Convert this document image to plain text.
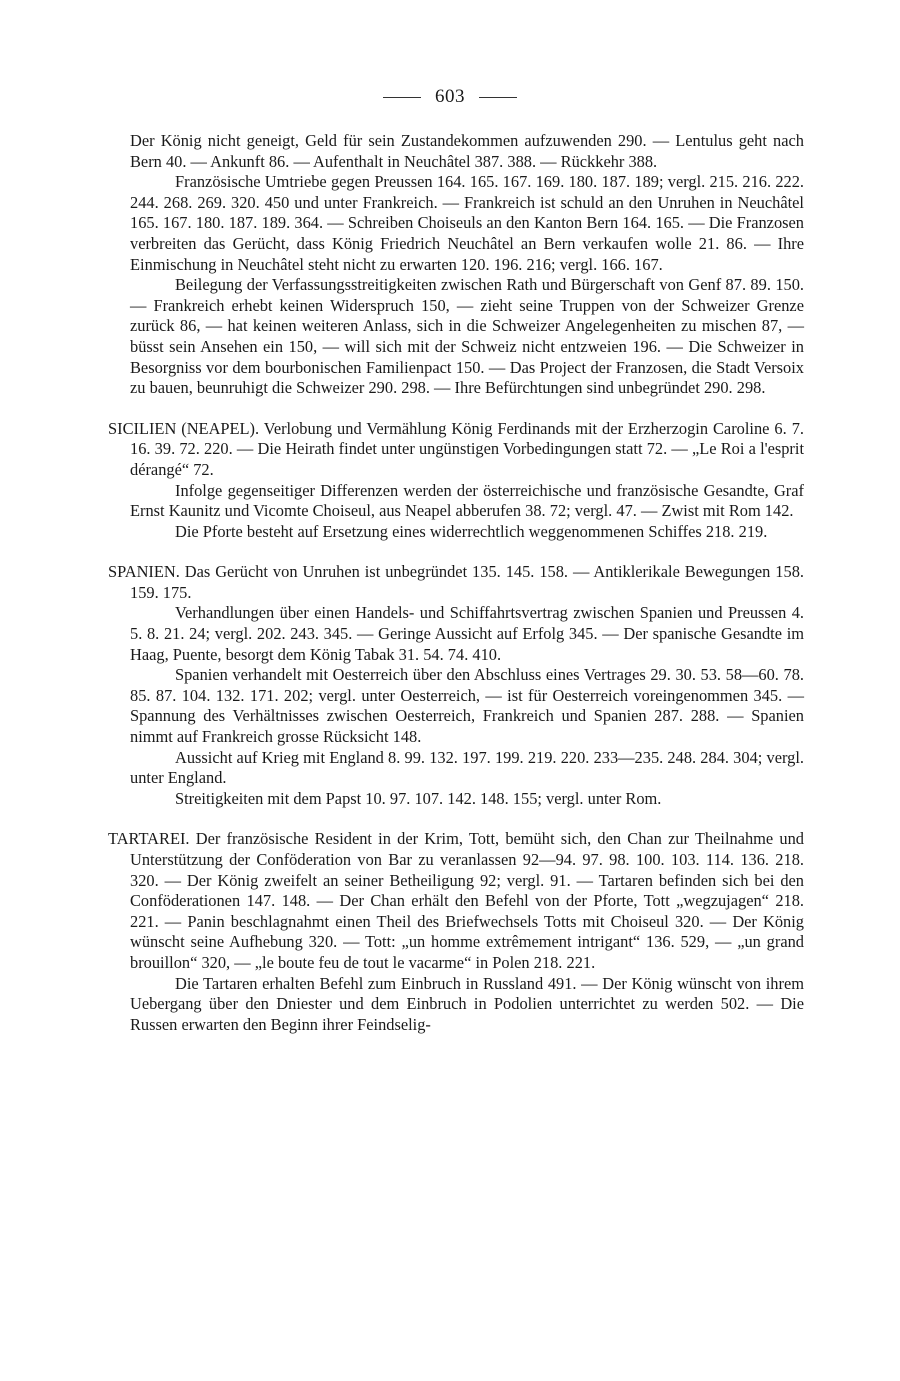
603

Der König nicht geneigt, Geld für sein Zustandekommen aufzuwenden 290. — Lentulus geht nach Bern 40. — Ankunft 86. — Aufenthalt in Neuchâtel 387. 388. — Rückkehr 388.

Französische Umtriebe gegen Preussen 164. 165. 167. 169. 180. 187. 189; vergl. 215. 216. 222. 244. 268. 269. 320. 450 und unter Frankreich. — Frankreich ist schuld an den Unruhen in Neuchâtel 165. 167. 180. 187. 189. 364. — Schreiben Choiseuls an den Kanton Bern 164. 165. — Die Franzosen verbreiten das Gerücht, dass König Friedrich Neuchâtel an Bern verkaufen wolle 21. 86. — Ihre Einmischung in Neuchâtel steht nicht zu erwarten 120. 196. 216; vergl. 166. 167.

Beilegung der Verfassungsstreitigkeiten zwischen Rath und Bürgerschaft von Genf 87. 89. 150. — Frankreich erhebt keinen Widerspruch 150, — zieht seine Truppen von der Schweizer Grenze zurück 86, — hat keinen weiteren Anlass, sich in die Schweizer Angelegenheiten zu mischen 87, — büsst sein Ansehen ein 150, — will sich mit der Schweiz nicht entzweien 196. — Die Schweizer in Besorgniss vor dem bourbonischen Familienpact 150. — Das Project der Franzosen, die Stadt Versoix zu bauen, beunruhigt die Schweizer 290. 298. — Ihre Befürchtungen sind unbegründet 290. 298.

SICILIEN (NEAPEL). Verlobung und Vermählung König Ferdinands mit der Erzherzogin Caroline 6. 7. 16. 39. 72. 220. — Die Heirath findet unter ungünstigen Vorbedingungen statt 72. — „Le Roi a l'esprit dérangé“ 72.

Infolge gegenseitiger Differenzen werden der österreichische und französische Gesandte, Graf Ernst Kaunitz und Vicomte Choiseul, aus Neapel abberufen 38. 72; vergl. 47. — Zwist mit Rom 142.

Die Pforte besteht auf Ersetzung eines widerrechtlich weggenommenen Schiffes 218. 219.

SPANIEN. Das Gerücht von Unruhen ist unbegründet 135. 145. 158. — Antiklerikale Bewegungen 158. 159. 175.

Verhandlungen über einen Handels- und Schiffahrtsvertrag zwischen Spanien und Preussen 4. 5. 8. 21. 24; vergl. 202. 243. 345. — Geringe Aussicht auf Erfolg 345. — Der spanische Gesandte im Haag, Puente, besorgt dem König Tabak 31. 54. 74. 410.

Spanien verhandelt mit Oesterreich über den Abschluss eines Vertrages 29. 30. 53. 58—60. 78. 85. 87. 104. 132. 171. 202; vergl. unter Oesterreich, — ist für Oesterreich voreingenommen 345. — Spannung des Verhältnisses zwischen Oesterreich, Frankreich und Spanien 287. 288. — Spanien nimmt auf Frankreich grosse Rücksicht 148.

Aussicht auf Krieg mit England 8. 99. 132. 197. 199. 219. 220. 233—235. 248. 284. 304; vergl. unter England.

Streitigkeiten mit dem Papst 10. 97. 107. 142. 148. 155; vergl. unter Rom.

TARTAREI. Der französische Resident in der Krim, Tott, bemüht sich, den Chan zur Theilnahme und Unterstützung der Conföderation von Bar zu veranlassen 92—94. 97. 98. 100. 103. 114. 136. 218. 320. — Der König zweifelt an seiner Betheiligung 92; vergl. 91. — Tartaren befinden sich bei den Conföderationen 147. 148. — Der Chan erhält den Befehl von der Pforte, Tott „wegzujagen“ 218. 221. — Panin beschlagnahmt einen Theil des Briefwechsels Totts mit Choiseul 320. — Der König wünscht seine Aufhebung 320. — Tott: „un homme extrêmement intrigant“ 136. 529, — „un grand brouillon“ 320, — „le boute feu de tout le vacarme“ in Polen 218. 221.

Die Tartaren erhalten Befehl zum Einbruch in Russland 491. — Der König wünscht von ihrem Uebergang über den Dniester und dem Einbruch in Podolien unterrichtet zu werden 502. — Die Russen erwarten den Beginn ihrer Feindselig-
